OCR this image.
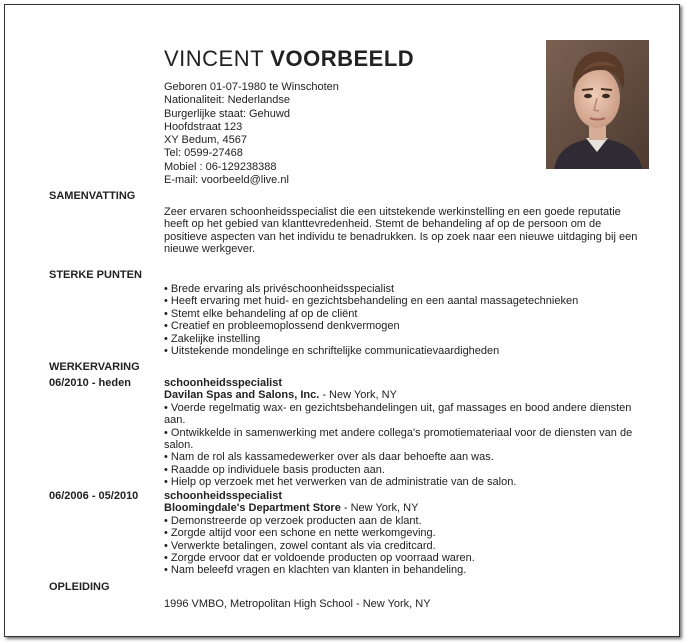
VINCENT VOORBEELD
Geboren 01-07-1980 te Winschoten
Nationaliteit: Nederlandse
Burgerlijke staat: Gehuwd
Hoofdstraat 123
XY Bedum, 4567
Tel: 0599-27468
Mobiel : 06-129238388
E-mail: voorbeeld@live.nl
SAMENVATTING

Zeer ervaren schoonheidsspecialist die een uitstekende werkinstelling en een goede reputatie heeft op het gebied van klanttevredenheid. Stemt de behandeling af op de persoon om de positieve aspecten van het individu te benadrukken. Is op zoek naar een nieuwe uitdaging bij een nieuwe werkgever.

STERKE PUNTEN
• Brede ervaring als privéschoonheidsspecialist
• Heeft ervaring met huid- en gezichtsbehandeling en een aantal massagetechnieken
• Stemt elke behandeling af op de cliënt
• Creatief en probleemoplossend denkvermogen
• Zakelijke instelling
• Uitstekende mondelinge en schriftelijke communicatievaardigheden
WERKERVARING
06/2010 - heden	schoonheidsspecialist
Davilan Spas and Salons, Inc. - New York, NY
• Voerde regelmatig wax- en gezichtsbehandelingen uit, gaf massages en bood andere diensten aan.
• Ontwikkelde in samenwerking met andere collega's promotiemateriaal voor de diensten van de salon.
• Nam de rol als kassamedewerker over als daar behoefte aan was.
• Raadde op individuele basis producten aan.
• Hielp op verzoek met het verwerken van de administratie van de salon.
06/2006 - 05/2010 schoonheidsspecialist
Bloomingdale's Department Store - New York, NY
• Demonstreerde op verzoek producten aan de klant.
• Zorgde altijd voor een schone en nette werkomgeving.
• Verwerkte betalingen, zowel contant als via creditcard.
• Zorgde ervoor dat er voldoende producten op voorraad waren.
• Nam beleefd vragen en klachten van klanten in behandeling.
OPLEIDING

1996 VMBO, Metropolitan High School - New York, NY
